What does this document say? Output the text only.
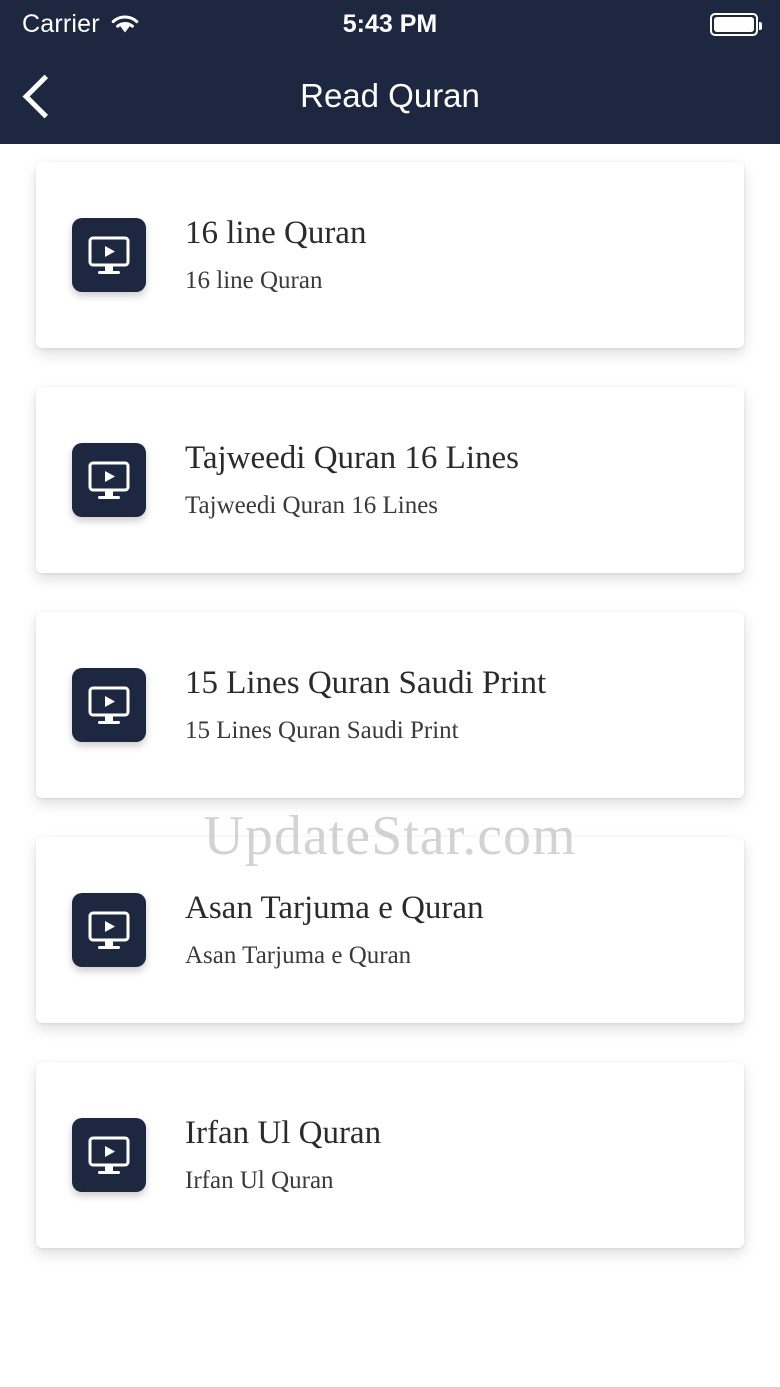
Carrier	5:43 PM
Read Quran
UpdateStar.com
16 line Quran
16 line Quran
Tajweedi Quran 16 Lines
Tajweedi Quran 16 Lines
15 Lines Quran Saudi Print
15 Lines Quran Saudi Print
Asan Tarjuma e Quran
Asan Tarjuma e Quran
Irfan Ul Quran
Irfan Ul Quran
